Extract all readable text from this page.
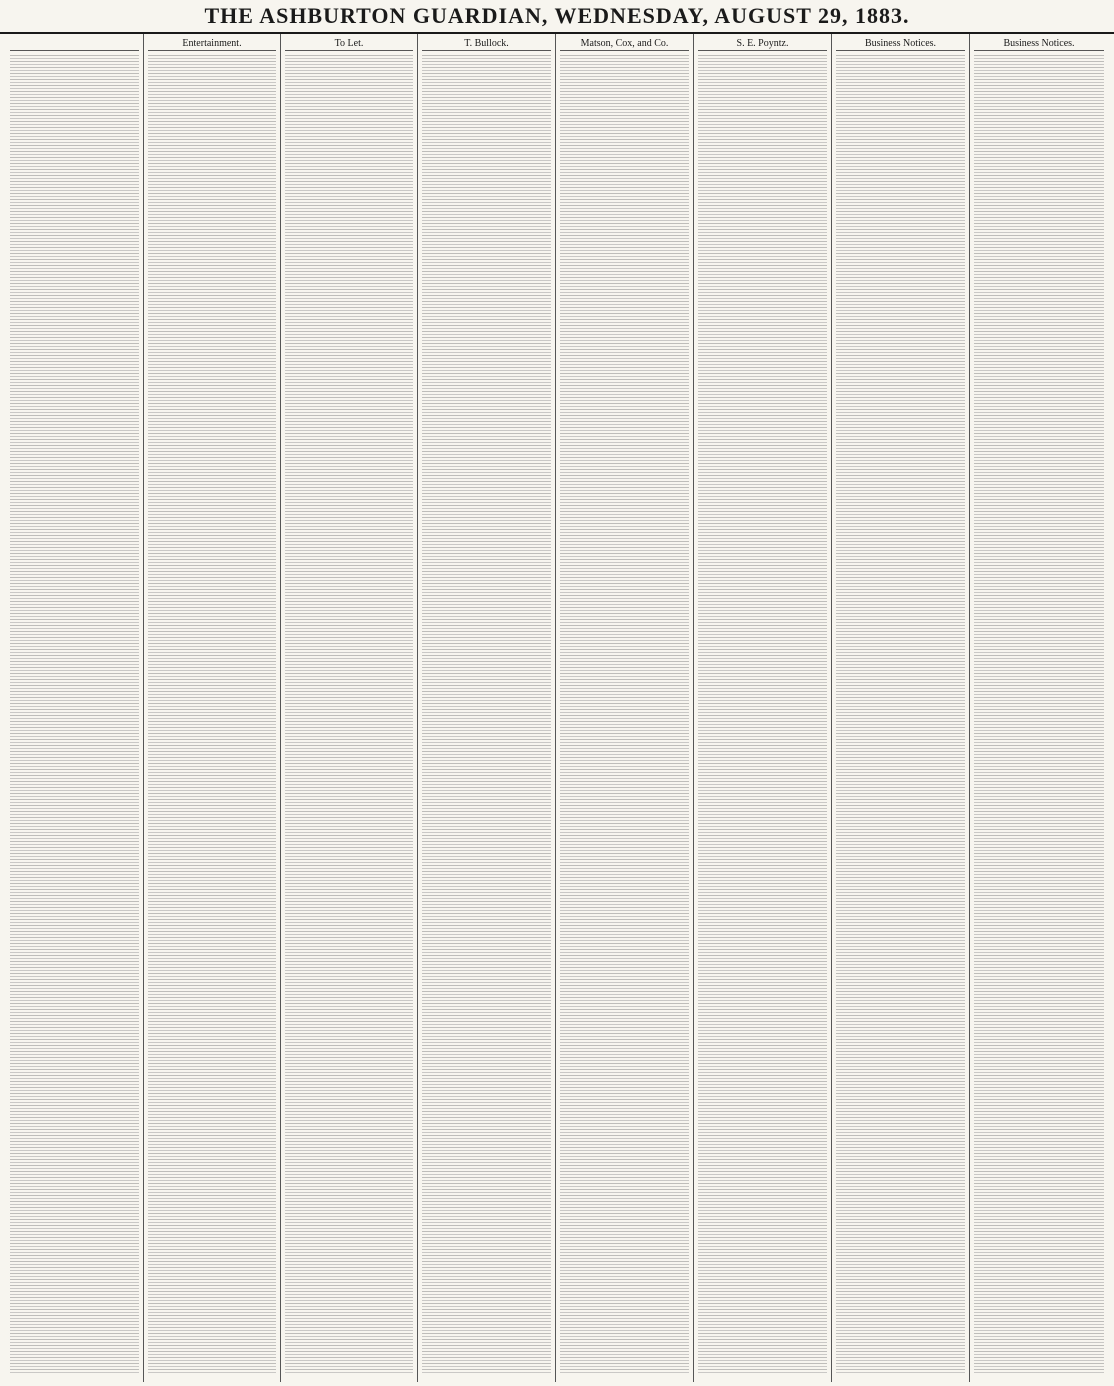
THE ASHBURTON GUARDIAN, WEDNESDAY, AUGUST 29, 1883.
Entertainment.	To Let.	T. Bullock.	Matson, Cox, and Co.	S. E. Poyntz.	Business Notices.	Business Notices.
